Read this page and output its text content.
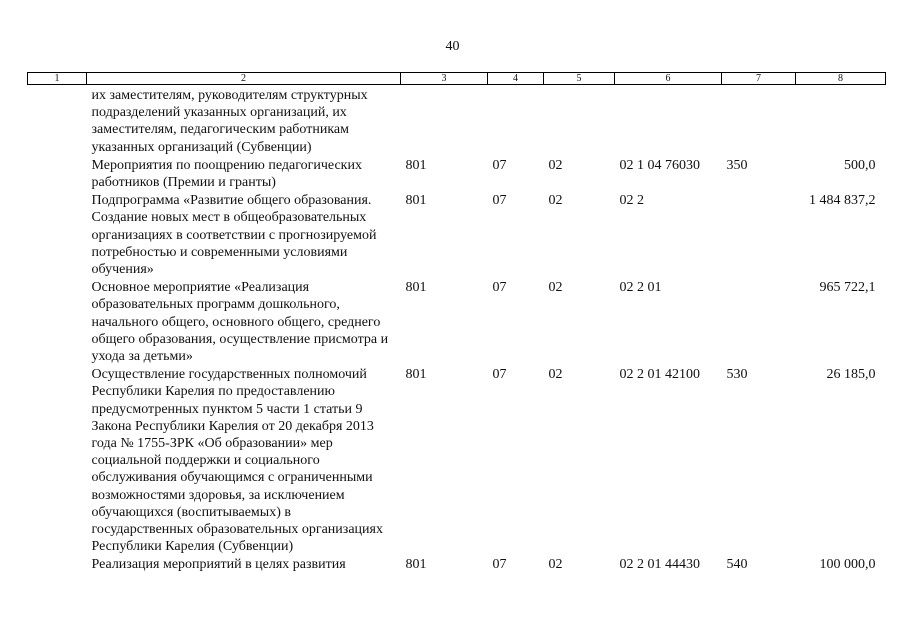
40
1	2	3	4	5	6	7	8
	их заместителям, руководителям структурных подразделений указанных организаций, их заместителям, педагогическим работникам указанных организаций (Субвенции)						
	Мероприятия по поощрению педагогических работников (Премии и гранты)	801	07	02	02 1 04 76030	350	500,0
	Подпрограмма «Развитие общего образования. Создание новых мест в общеобразовательных организациях в соответствии с прогнозируемой потребностью и современными условиями обучения»	801	07	02	02 2		1 484 837,2
	Основное мероприятие «Реализация образовательных программ дошкольного, начального общего, основного общего, среднего общего образования, осуществление присмотра и ухода за детьми»	801	07	02	02 2 01		965 722,1
	Осуществление государственных полномочий Республики Карелия по предоставлению предусмотренных пунктом 5 части 1 статьи 9 Закона Республики Карелия от 20 декабря 2013 года № 1755-ЗРК «Об образовании» мер социальной поддержки и социального обслуживания обучающимся с ограниченными возможностями здоровья, за исключением обучающихся (воспитываемых) в государственных образовательных организациях Республики Карелия (Субвенции)	801	07	02	02 2 01 42100	530	26 185,0
	Реализация мероприятий в целях развития	801	07	02	02 2 01 44430	540	100 000,0
